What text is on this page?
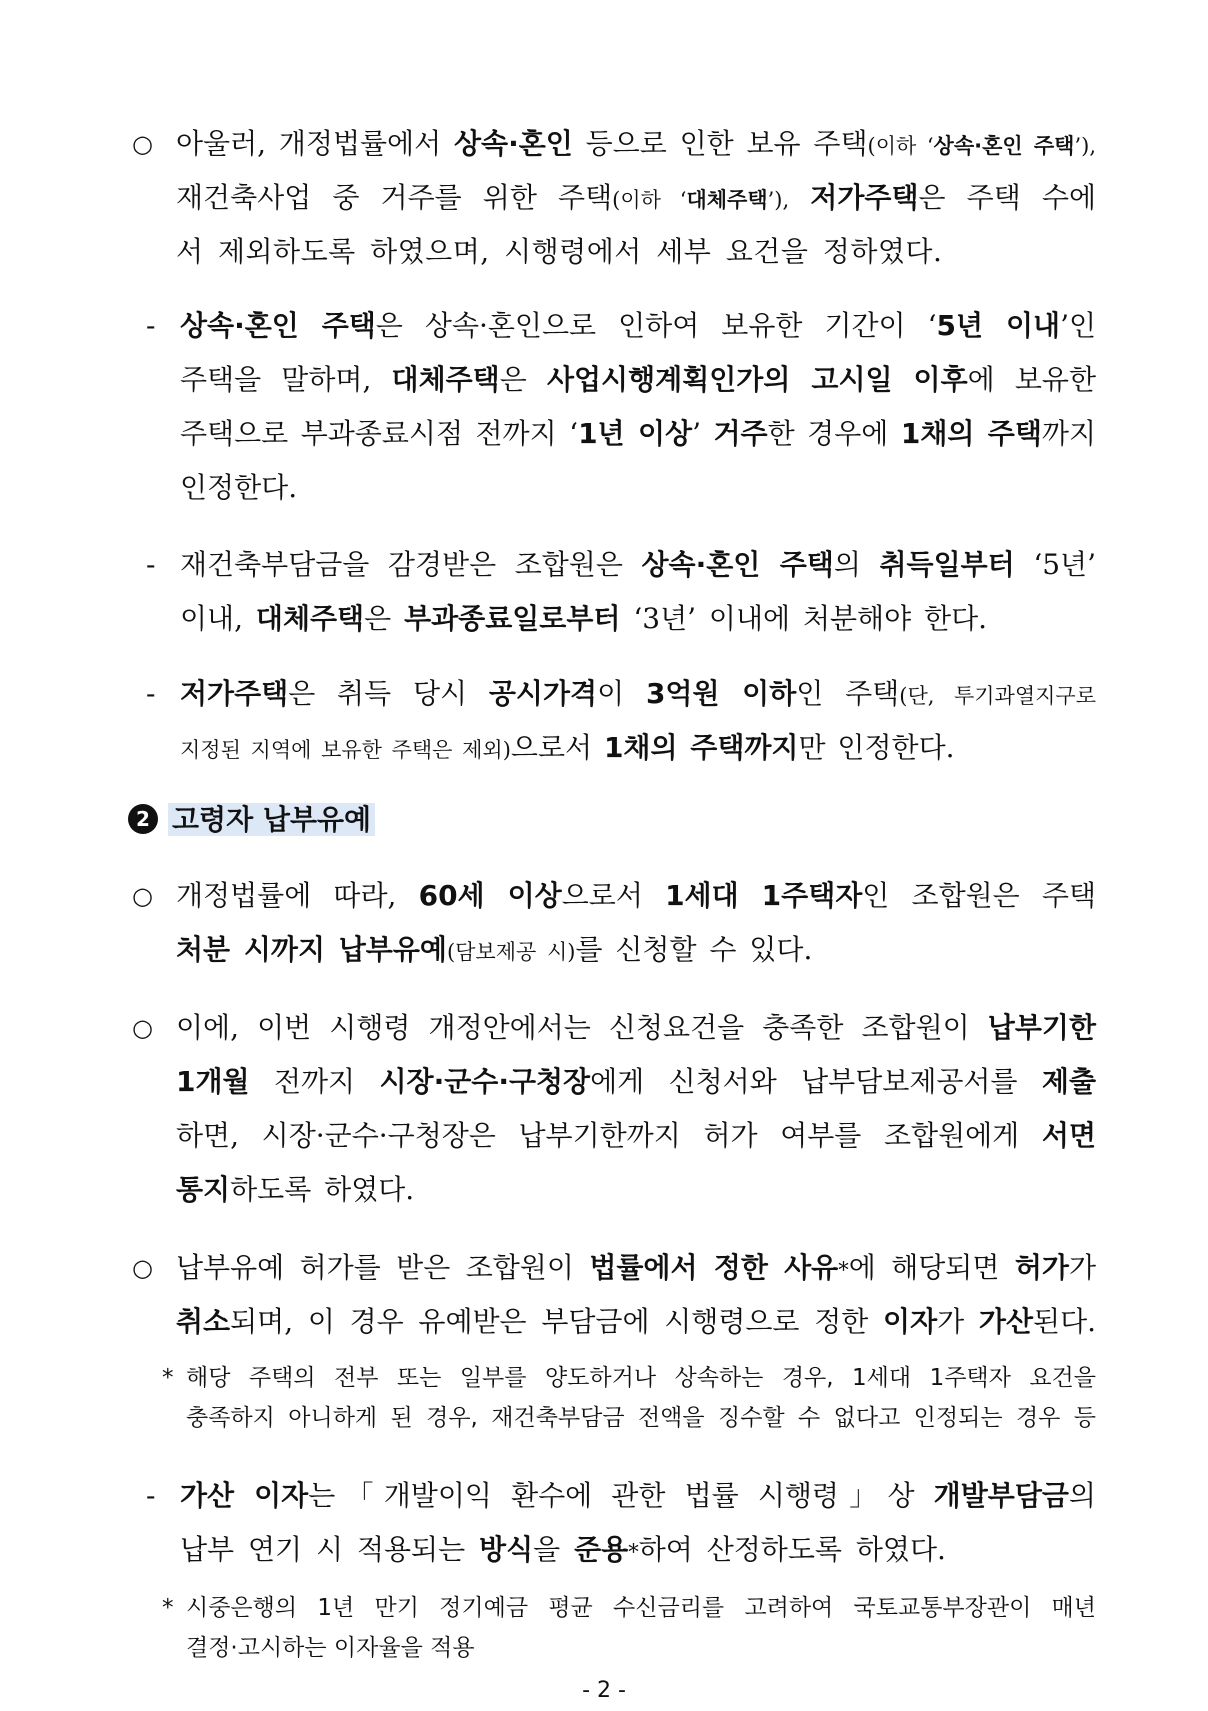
○ 아울러, 개정법률에서 상속·혼인 등으로 인한 보유 주택(이하 ‘상속·혼인 주택’),
재건축사업 중 거주를 위한 주택(이하 ‘대체주택’), 저가주택은 주택 수에
서 제외하도록 하였으며, 시행령에서 세부 요건을 정하였다.
- 상속·혼인 주택은 상속·혼인으로 인하여 보유한 기간이 ‘5년 이내’인
주택을 말하며, 대체주택은 사업시행계획인가의 고시일 이후에 보유한
주택으로 부과종료시점 전까지 ‘1년 이상’ 거주한 경우에 1채의 주택까지
인정한다.
- 재건축부담금을 감경받은 조합원은 상속·혼인 주택의 취득일부터 ‘5년’
이내, 대체주택은 부과종료일로부터 ‘3년’ 이내에 처분해야 한다.
- 저가주택은 취득 당시 공시가격이 3억원 이하인 주택(단, 투기과열지구로
지정된 지역에 보유한 주택은 제외)으로서 1채의 주택까지만 인정한다.
2 고령자 납부유예
○ 개정법률에 따라, 60세 이상으로서 1세대 1주택자인 조합원은 주택
처분 시까지 납부유예(담보제공 시)를 신청할 수 있다.
○ 이에, 이번 시행령 개정안에서는 신청요건을 충족한 조합원이 납부기한
1개월 전까지 시장·군수·구청장에게 신청서와 납부담보제공서를 제출
하면, 시장·군수·구청장은 납부기한까지 허가 여부를 조합원에게 서면
통지하도록 하였다.
○ 납부유예 허가를 받은 조합원이 법률에서 정한 사유*에 해당되면 허가가
취소되며, 이 경우 유예받은 부담금에 시행령으로 정한 이자가 가산된다.
* 해당 주택의 전부 또는 일부를 양도하거나 상속하는 경우, 1세대 1주택자 요건을
충족하지 아니하게 된 경우, 재건축부담금 전액을 징수할 수 없다고 인정되는 경우 등
- 가산 이자는「개발이익 환수에 관한 법률 시행령」상 개발부담금의
납부 연기 시 적용되는 방식을 준용*하여 산정하도록 하였다.
* 시중은행의 1년 만기 정기예금 평균 수신금리를 고려하여 국토교통부장관이 매년
결정·고시하는 이자율을 적용
- 2 -
